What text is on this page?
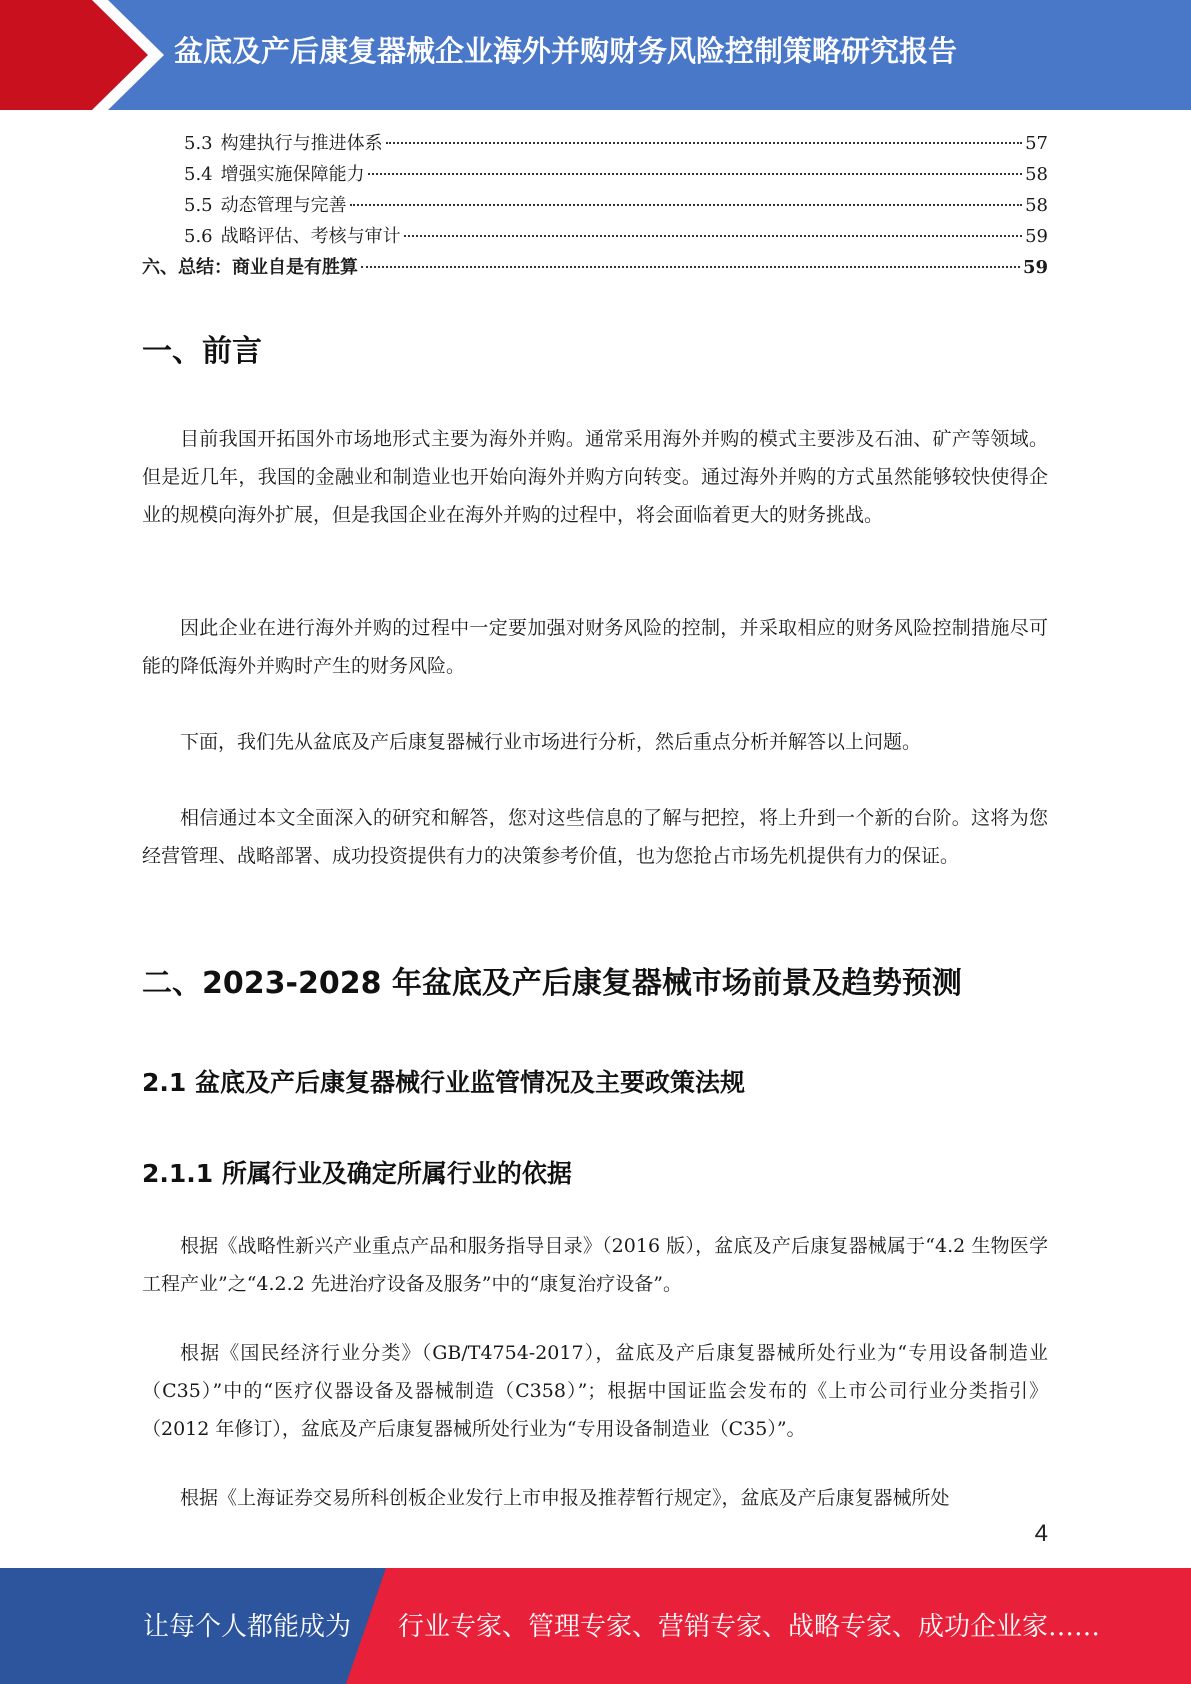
盆底及产后康复器械企业海外并购财务风险控制策略研究报告
5.3 构建执行与推进体系	57
5.4 增强实施保障能力	58
5.5 动态管理与完善	58
5.6 战略评估、考核与审计	59
六、总结：商业自是有胜算	59
一、前言

目前我国开拓国外市场地形式主要为海外并购。通常采用海外并购的模式主要涉及石油、矿产等领域。但是近几年，我国的金融业和制造业也开始向海外并购方向转变。通过海外并购的方式虽然能够较快使得企业的规模向海外扩展，但是我国企业在海外并购的过程中，将会面临着更大的财务挑战。

因此企业在进行海外并购的过程中一定要加强对财务风险的控制，并采取相应的财务风险控制措施尽可能的降低海外并购时产生的财务风险。

下面，我们先从盆底及产后康复器械行业市场进行分析，然后重点分析并解答以上问题。

相信通过本文全面深入的研究和解答，您对这些信息的了解与把控，将上升到一个新的台阶。这将为您经营管理、战略部署、成功投资提供有力的决策参考价值，也为您抢占市场先机提供有力的保证。

二、2023-2028 年盆底及产后康复器械市场前景及趋势预测
2.1 盆底及产后康复器械行业监管情况及主要政策法规
2.1.1 所属行业及确定所属行业的依据

根据《战略性新兴产业重点产品和服务指导目录》（2016 版），盆底及产后康复器械属于“4.2 生物医学工程产业”之“4.2.2 先进治疗设备及服务”中的“康复治疗设备”。

根据《国民经济行业分类》（GB/T4754-2017），盆底及产后康复器械所处行业为“专用设备制造业（C35）”中的“医疗仪器设备及器械制造（C358）”；根据中国证监会发布的《上市公司行业分类指引》（2012 年修订），盆底及产后康复器械所处行业为“专用设备制造业（C35）”。

根据《上海证券交易所科创板企业发行上市申报及推荐暂行规定》，盆底及产后康复器械所处

4
让每个人都能成为 行业专家、管理专家、营销专家、战略专家、成功企业家……
